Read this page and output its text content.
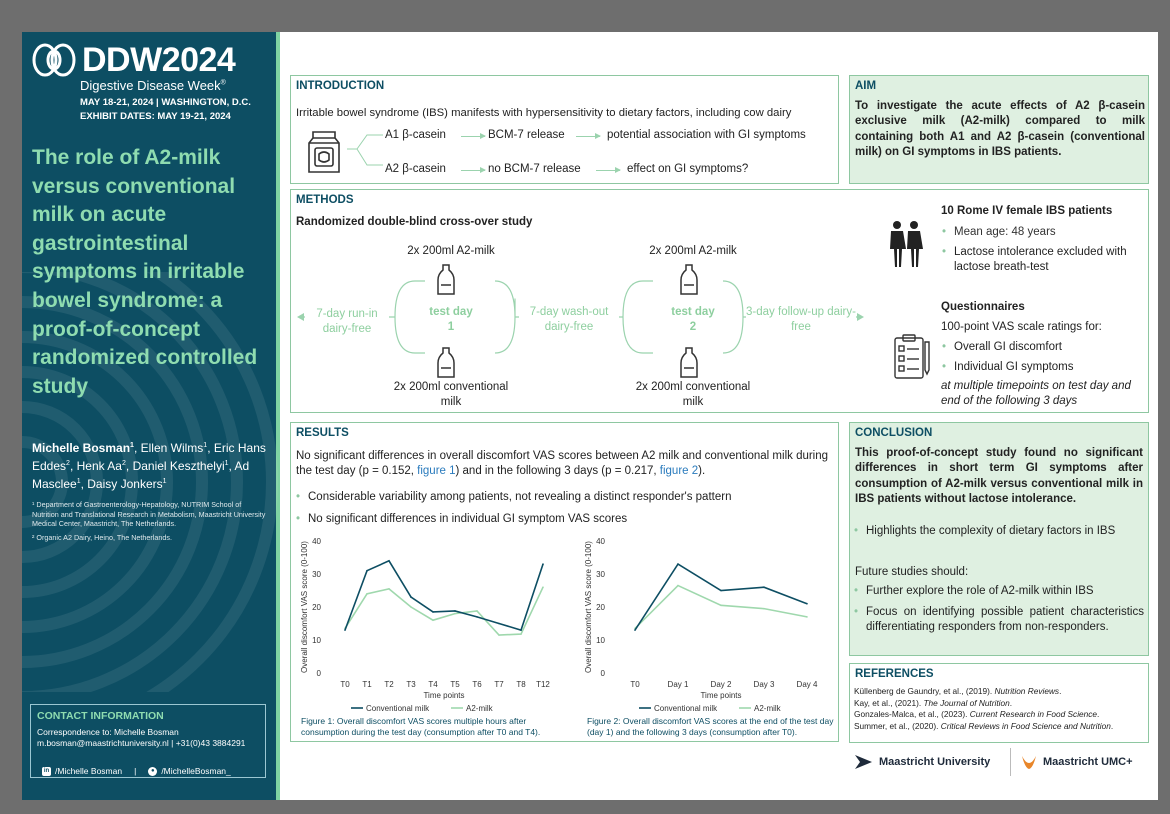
DDW2024
Digestive Disease Week®
MAY 18-21, 2024 | WASHINGTON, D.C.
EXHIBIT DATES: MAY 19-21, 2024
The role of A2-milk versus conventional milk on acute gastrointestinal symptoms in irritable bowel syndrome: a proof-of-concept randomized controlled study
Michelle Bosman$^1$, Ellen Wilms$^1$, Eric Hans Eddes$^2$, Henk Aa$^2$, Daniel Keszthelyi$^1$, Ad Masclee$^1$, Daisy Jonkers$^1$

¹ Department of Gastroenterology-Hepatology, NUTRIM School of Nutrition and Translational Research in Metabolism, Maastricht University Medical Center, Maastricht, The Netherlands.

² Organic A2 Dairy, Heino, The Netherlands.

CONTACT INFORMATION

Correspondence to: Michelle Bosman

m.bosman@maastrichtuniversity.nl | +31(0)43 3884291

in /Michelle Bosman |	● /MichelleBosman_
INTRODUCTION
Irritable bowel syndrome (IBS) manifests with hypersensitivity to dietary factors, including cow dairy
A1 β-casein	BCM-7 release	potential association with GI symptoms
A2 β-casein	no BCM-7 release	effect on GI symptoms?
AIM
To investigate the acute effects of A2 β-casein exclusive milk (A2-milk) compared to milk containing both A1 and A2 β-casein (conventional milk) on GI symptoms in IBS patients.
METHODS
Randomized double-blind cross-over study
2x 200ml A2-milk	2x 200ml A2-milk
2x 200ml conventional milk
2x 200ml conventional milk
7-day run-in dairy-free
test day
1
7-day wash-out dairy-free
test day
2
3-day follow-up dairy-free
10 Rome IV female IBS patients
• Mean age: 48 years
• Lactose intolerance excluded with lactose breath-test
Questionnaires
100-point VAS scale ratings for:
• Overall GI discomfort
• Individual GI symptoms
at multiple timepoints on test day and end of the following 3 days
RESULTS
No significant differences in overall discomfort VAS scores between A2 milk and conventional milk during the test day (p = 0.152, figure 1) and in the following 3 days (p = 0.217, figure 2).
• Considerable variability among patients, not revealing a distinct responder's pattern
• No significant differences in individual GI symptom VAS scores
Overall discomfort VAS score (0-100)
0
10
20
30
40
T0 T1 T2 T3 T4 T5 T6 T7 T8 T12
Time points
Conventional milk	A2-milk
Overall discomfort VAS score (0-100)
0
10
20
30
40
T0	Day 1	Day 2	Day 3	Day 4
Time points
Conventional milk	A2-milk
Figure 1: Overall discomfort VAS scores multiple hours after consumption during the test day (consumption after T0 and T4).
Figure 2: Overall discomfort VAS scores at the end of the test day (day 1) and the following 3 days (consumption after T0).
CONCLUSION
This proof-of-concept study found no significant differences in short term GI symptoms after consumption of A2-milk versus conventional milk in IBS patients without lactose intolerance.
• Highlights the complexity of dietary factors in IBS
Future studies should:
• Further explore the role of A2-milk within IBS
• Focus on identifying possible patient characteristics differentiating responders from non-responders.
REFERENCES

Küllenberg de Gaundry, et al., (2019). Nutrition Reviews.

Kay, et al., (2021). The Journal of Nutrition.

Gonzales-Malca, et al., (2023). Current Research in Food Science.

Summer, et al., (2020). Critical Reviews in Food Science and Nutrition.

Maastricht University	Maastricht UMC+
